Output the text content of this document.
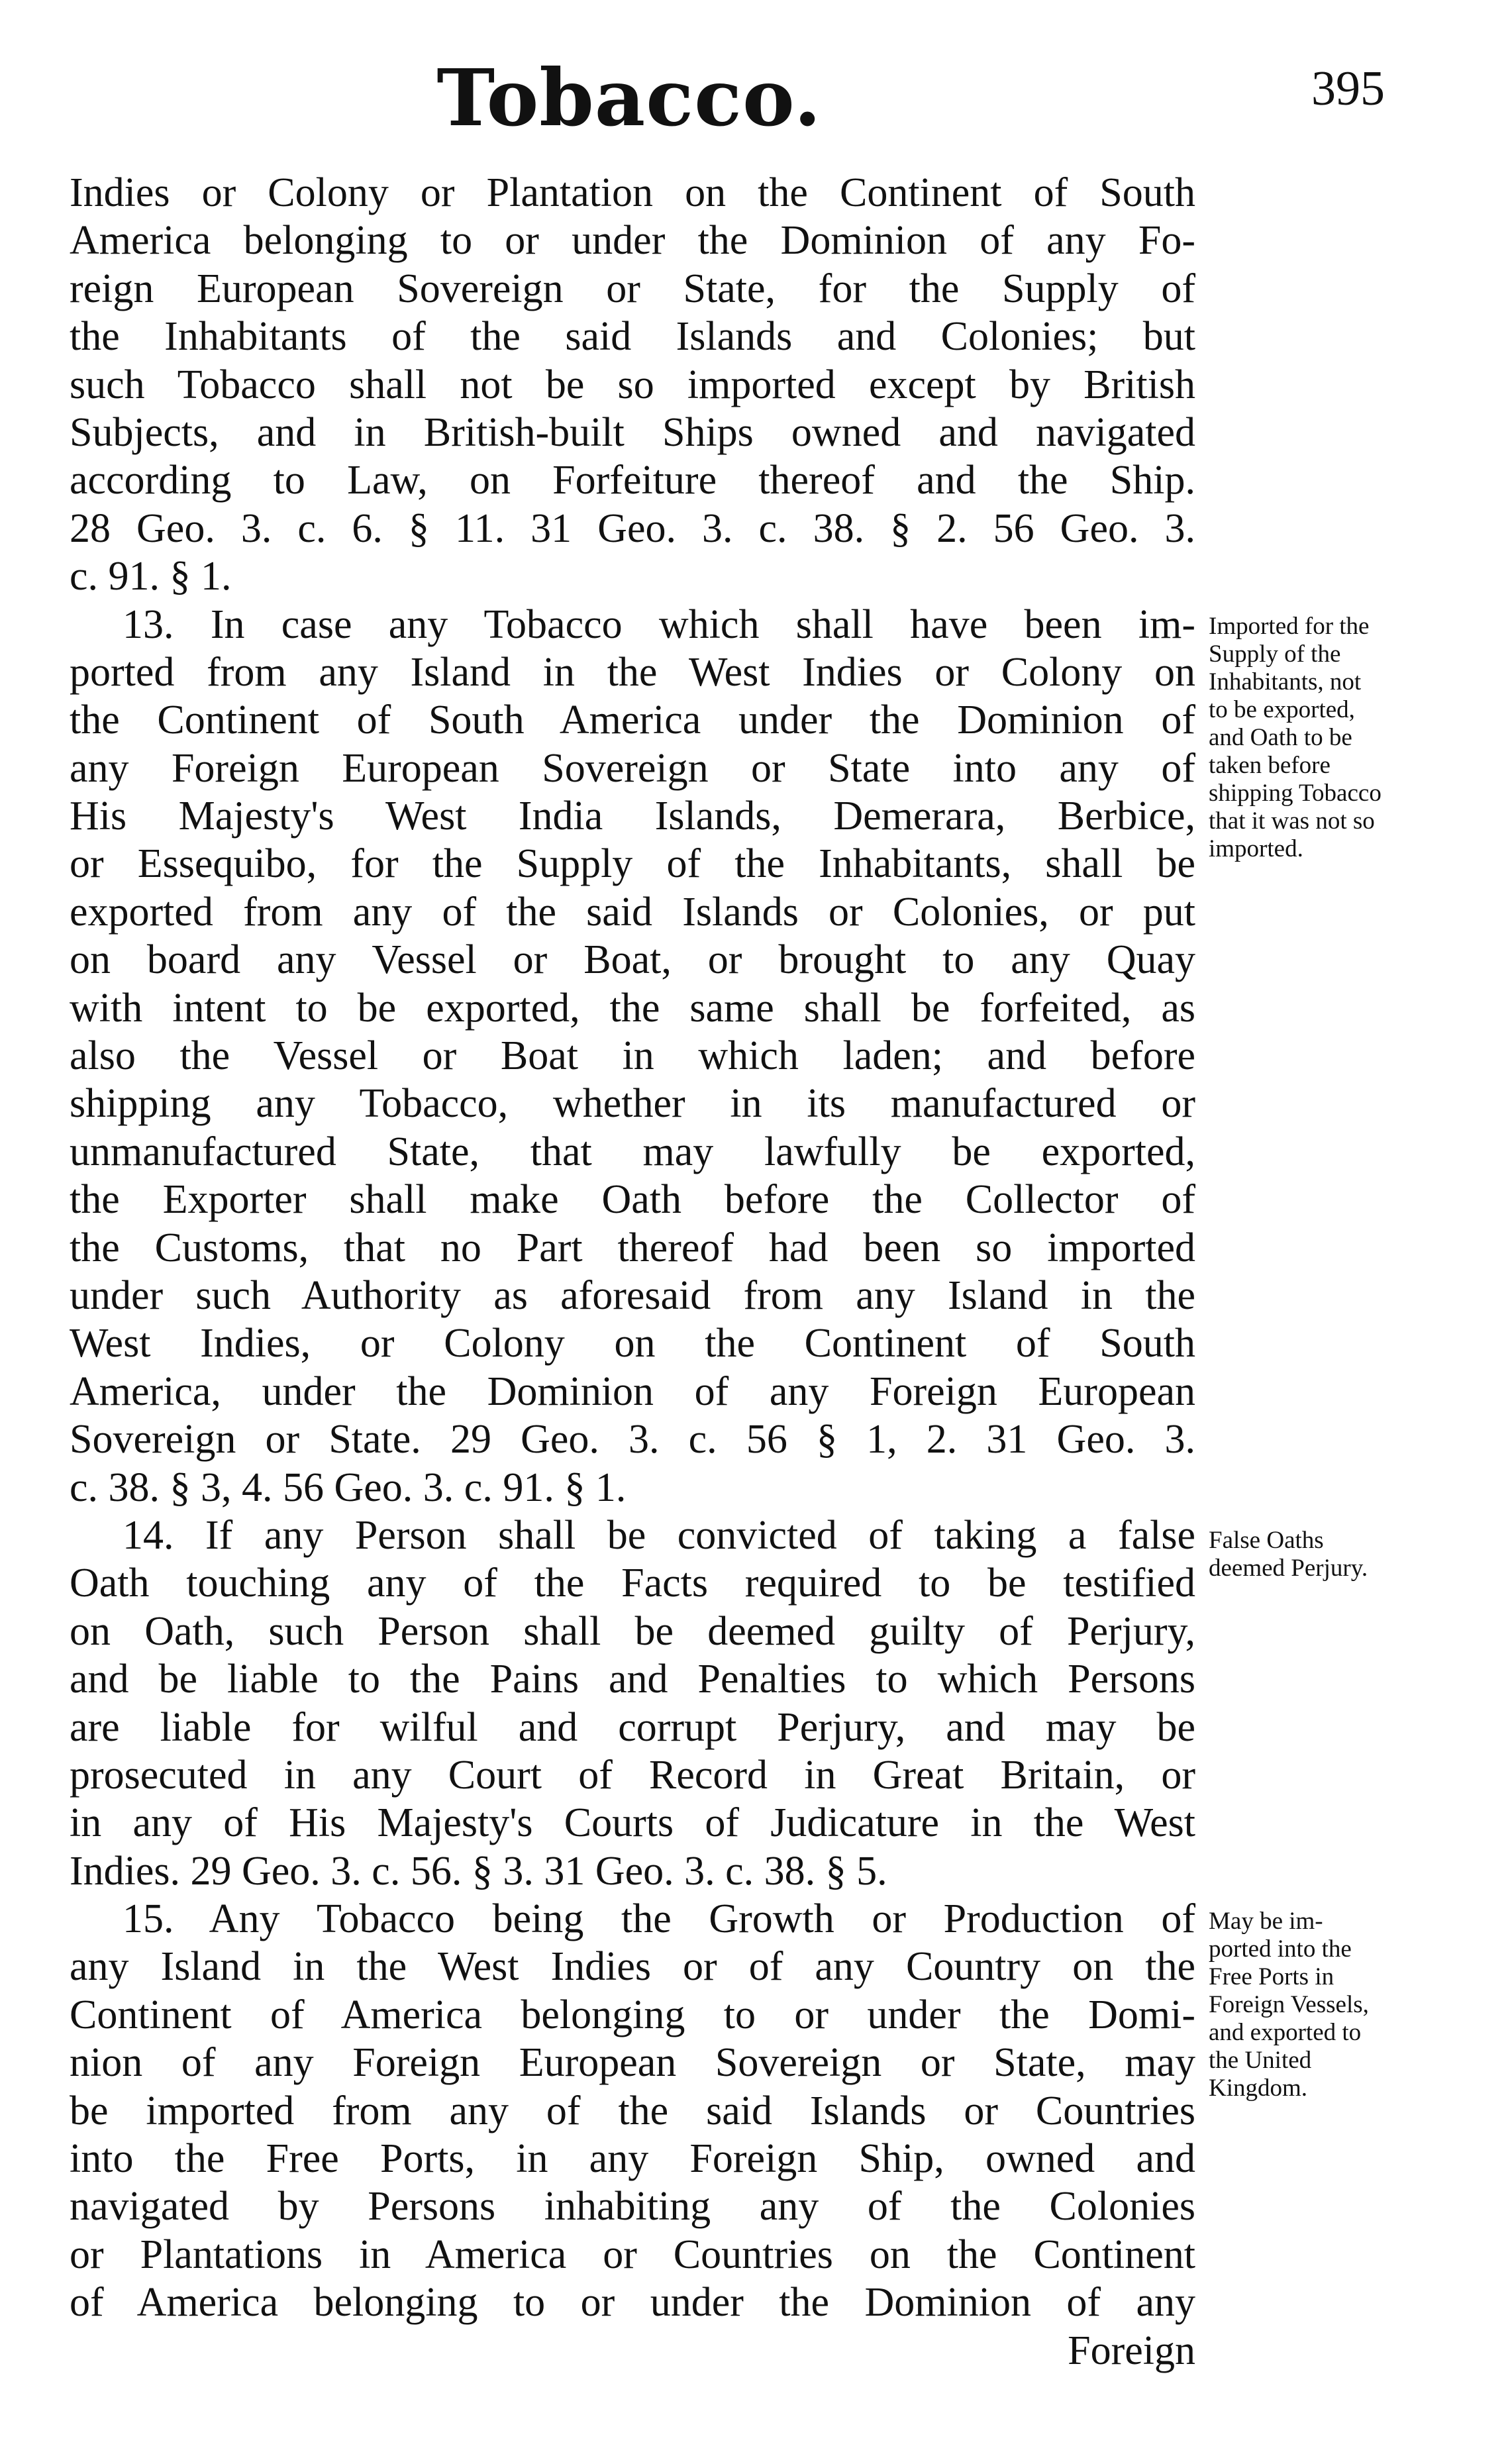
Tobacco.	395
Indies or Colony or Plantation on the Continent of South
America belonging to or under the Dominion of any Fo-
reign European Sovereign or State, for the Supply of
the Inhabitants of the said Islands and Colonies; but
such Tobacco shall not be so imported except by British
Subjects, and in British-built Ships owned and navigated
according to Law, on Forfeiture thereof and the Ship.
28 Geo. 3. c. 6. § 11. 31 Geo. 3. c. 38. § 2. 56 Geo. 3.
c. 91. § 1.
13. In case any Tobacco which shall have been im-
ported from any Island in the West Indies or Colony on
the Continent of South America under the Dominion of
any Foreign European Sovereign or State into any of
His Majesty's West India Islands, Demerara, Berbice,
or Essequibo, for the Supply of the Inhabitants, shall be
exported from any of the said Islands or Colonies, or put
on board any Vessel or Boat, or brought to any Quay
with intent to be exported, the same shall be forfeited, as
also the Vessel or Boat in which laden; and before
shipping any Tobacco, whether in its manufactured or
unmanufactured State, that may lawfully be exported,
the Exporter shall make Oath before the Collector of
the Customs, that no Part thereof had been so imported
under such Authority as aforesaid from any Island in the
West Indies, or Colony on the Continent of South
America, under the Dominion of any Foreign European
Sovereign or State. 29 Geo. 3. c. 56 § 1, 2. 31 Geo. 3.
c. 38. § 3, 4. 56 Geo. 3. c. 91. § 1.
14. If any Person shall be convicted of taking a false
Oath touching any of the Facts required to be testified
on Oath, such Person shall be deemed guilty of Perjury,
and be liable to the Pains and Penalties to which Persons
are liable for wilful and corrupt Perjury, and may be
prosecuted in any Court of Record in Great Britain, or
in any of His Majesty's Courts of Judicature in the West
Indies. 29 Geo. 3. c. 56. § 3. 31 Geo. 3. c. 38. § 5.
15. Any Tobacco being the Growth or Production of
any Island in the West Indies or of any Country on the
Continent of America belonging to or under the Domi-
nion of any Foreign European Sovereign or State, may
be imported from any of the said Islands or Countries
into the Free Ports, in any Foreign Ship, owned and
navigated by Persons inhabiting any of the Colonies
or Plantations in America or Countries on the Continent
of America belonging to or under the Dominion of any
Foreign
Imported for the
Supply of the
Inhabitants, not
to be exported,
and Oath to be
taken before
shipping Tobacco
that it was not so
imported.
False Oaths
deemed Perjury.
May be im-
ported into the
Free Ports in
Foreign Vessels,
and exported to
the United
Kingdom.
